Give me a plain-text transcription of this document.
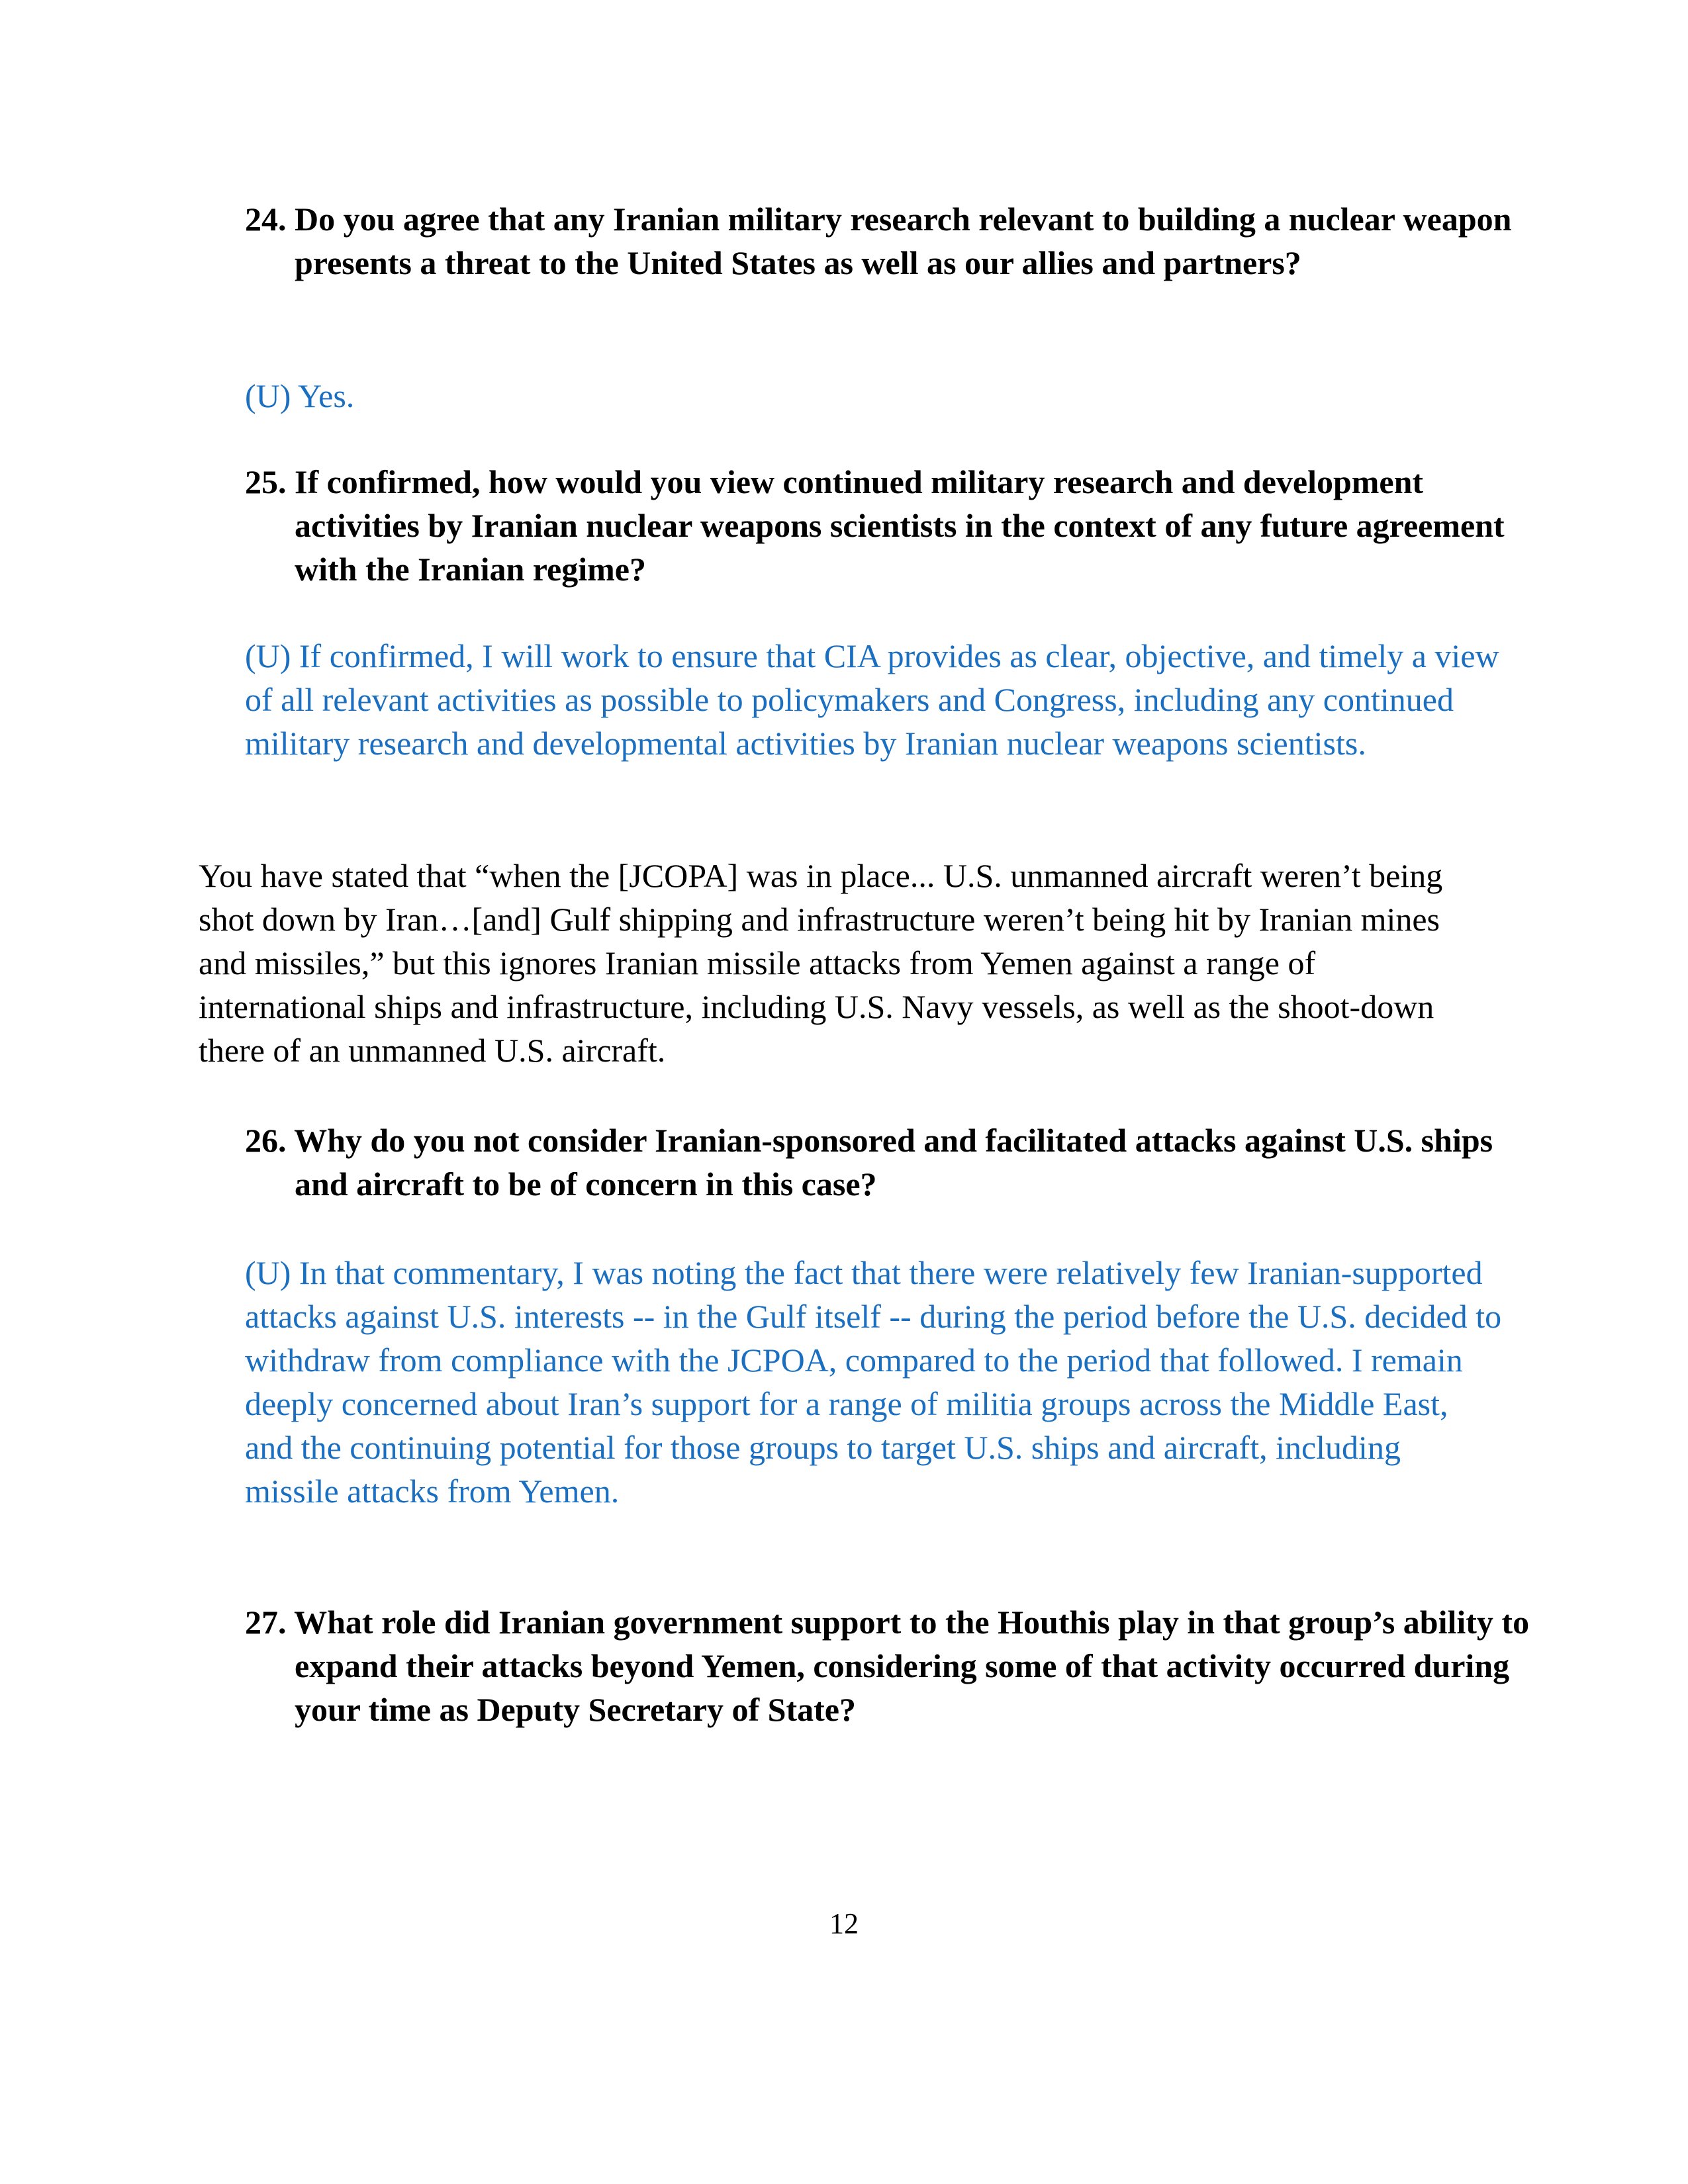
24. Do you agree that any Iranian military research relevant to building a nuclear weapon presents a threat to the United States as well as our allies and partners?

(U) Yes.

25. If confirmed, how would you view continued military research and development activities by Iranian nuclear weapons scientists in the context of any future agreement with the Iranian regime?

(U) If confirmed, I will work to ensure that CIA provides as clear, objective, and timely a view of all relevant activities as possible to policymakers and Congress, including any continued military research and developmental activities by Iranian nuclear weapons scientists.

You have stated that “when the [JCOPA] was in place... U.S. unmanned aircraft weren’t being shot down by Iran…[and] Gulf shipping and infrastructure weren’t being hit by Iranian mines and missiles,” but this ignores Iranian missile attacks from Yemen against a range of international ships and infrastructure, including U.S. Navy vessels, as well as the shoot-down there of an unmanned U.S. aircraft.

26. Why do you not consider Iranian-sponsored and facilitated attacks against U.S. ships and aircraft to be of concern in this case?

(U) In that commentary, I was noting the fact that there were relatively few Iranian-supported attacks against U.S. interests -- in the Gulf itself -- during the period before the U.S. decided to withdraw from compliance with the JCPOA, compared to the period that followed. I remain deeply concerned about Iran’s support for a range of militia groups across the Middle East, and the continuing potential for those groups to target U.S. ships and aircraft, including missile attacks from Yemen.

27. What role did Iranian government support to the Houthis play in that group’s ability to expand their attacks beyond Yemen, considering some of that activity occurred during your time as Deputy Secretary of State?

12
